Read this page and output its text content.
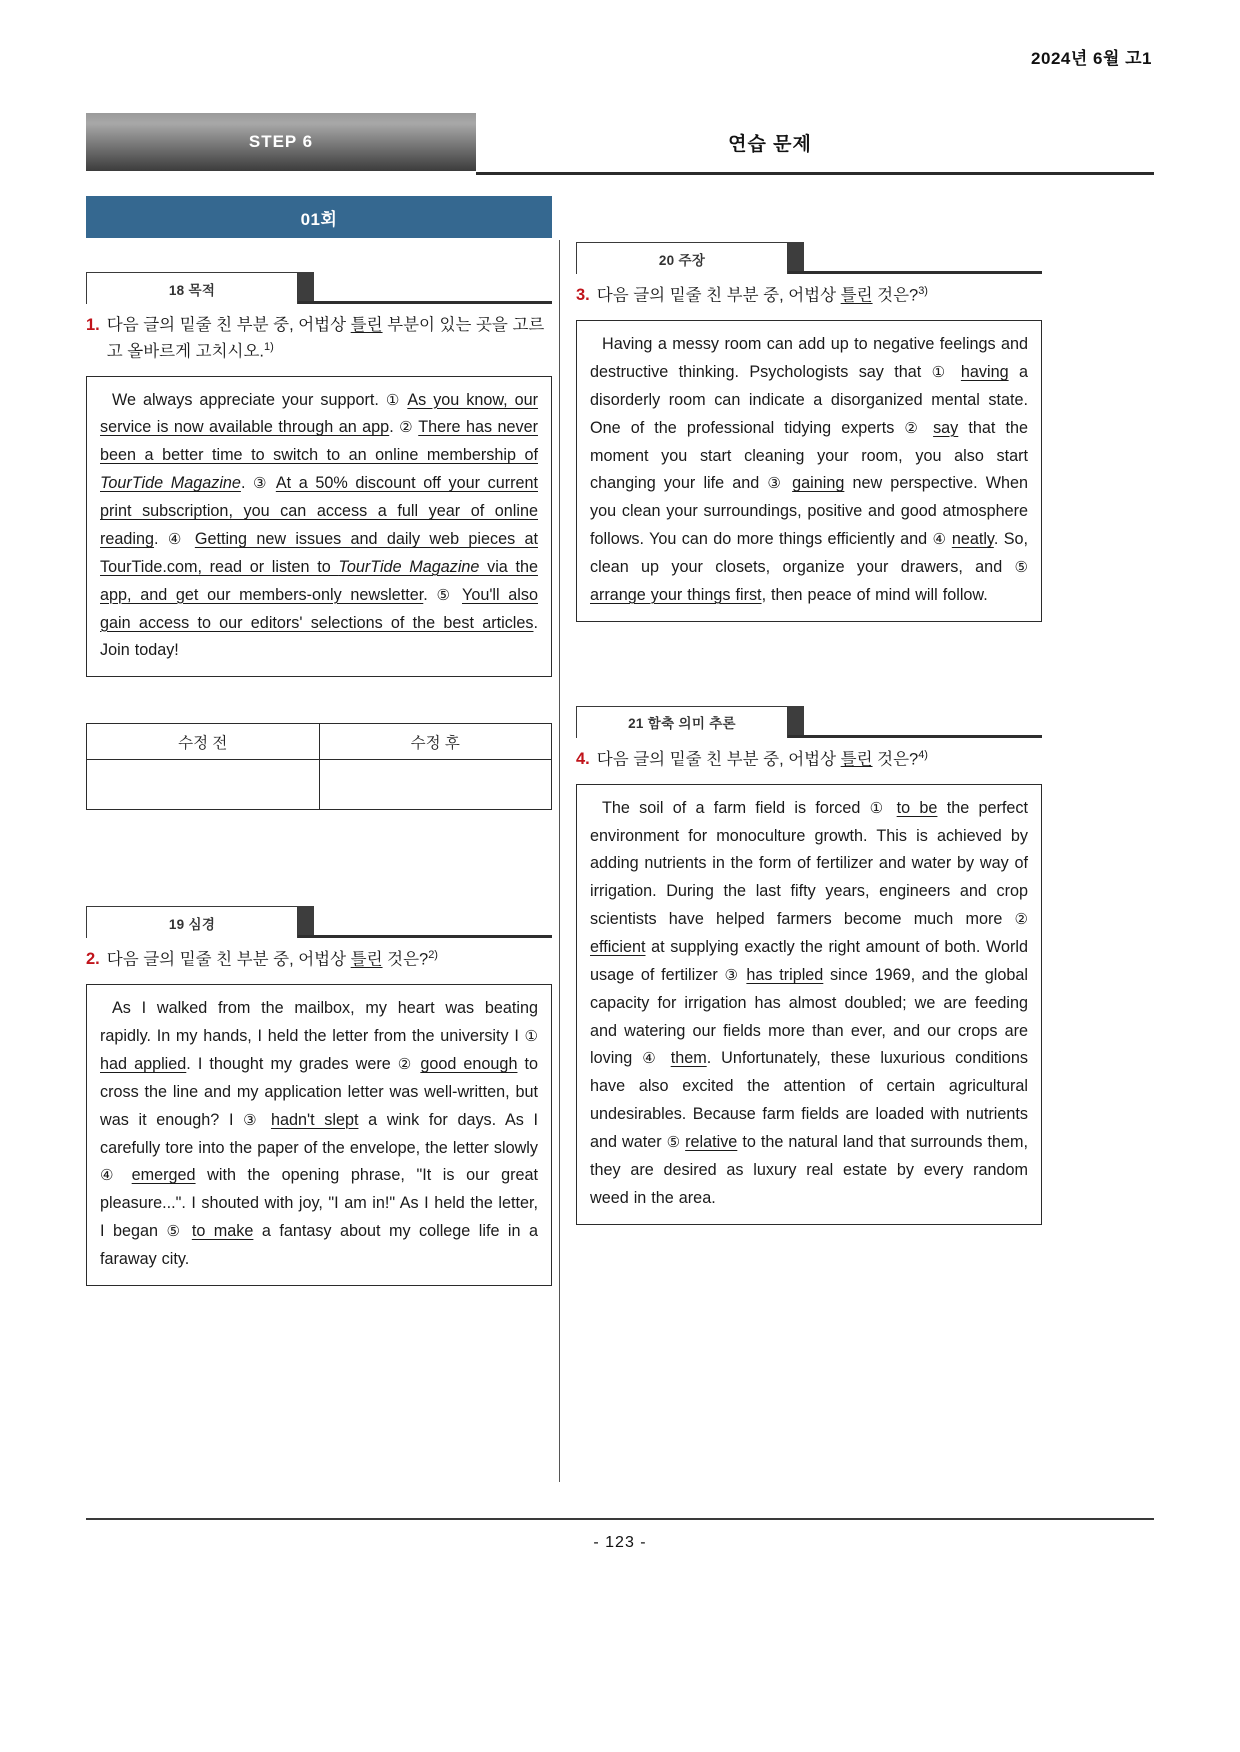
2024년 6월 고1
연습 문제
STEP 6
01회
18 목적
1. 다음 글의 밑줄 친 부분 중, 어법상 틀린 부분이 있는 곳을 고르고 올바르게 고치시오.$^{1)}$
We always appreciate your support. ① As you know, our service is now available through an app. ② There has never been a better time to switch to an online membership of TourTide Magazine. ③ At a 50% discount off your current print subscription, you can access a full year of online reading. ④ Getting new issues and daily web pieces at TourTide.com, read or listen to TourTide Magazine via the app, and get our members-only newsletter. ⑤ You'll also gain access to our editors' selections of the best articles. Join today!
수정 전	수정 후

19 심경
2. 다음 글의 밑줄 친 부분 중, 어법상 틀린 것은?$^{2)}$
As I walked from the mailbox, my heart was beating rapidly. In my hands, I held the letter from the university I ① had applied. I thought my grades were ② good enough to cross the line and my application letter was well-written, but was it enough? I ③ hadn't slept a wink for days. As I carefully tore into the paper of the envelope, the letter slowly ④ emerged with the opening phrase, "It is our great pleasure...". I shouted with joy, "I am in!" As I held the letter, I began ⑤ to make a fantasy about my college life in a faraway city.
20 주장
3. 다음 글의 밑줄 친 부분 중, 어법상 틀린 것은?$^{3)}$
Having a messy room can add up to negative feelings and destructive thinking. Psychologists say that ① having a disorderly room can indicate a disorganized mental state. One of the professional tidying experts ② say that the moment you start cleaning your room, you also start changing your life and ③ gaining new perspective. When you clean your surroundings, positive and good atmosphere follows. You can do more things efficiently and ④ neatly. So, clean up your closets, organize your drawers, and ⑤ arrange your things first, then peace of mind will follow.
21 함축 의미 추론
4. 다음 글의 밑줄 친 부분 중, 어법상 틀린 것은?$^{4)}$
The soil of a farm field is forced ① to be the perfect environment for monoculture growth. This is achieved by adding nutrients in the form of fertilizer and water by way of irrigation. During the last fifty years, engineers and crop scientists have helped farmers become much more ② efficient at supplying exactly the right amount of both. World usage of fertilizer ③ has tripled since 1969, and the global capacity for irrigation has almost doubled; we are feeding and watering our fields more than ever, and our crops are loving ④ them. Unfortunately, these luxurious conditions have also excited the attention of certain agricultural undesirables. Because farm fields are loaded with nutrients and water ⑤ relative to the natural land that surrounds them, they are desired as luxury real estate by every random weed in the area.
- 123 -
